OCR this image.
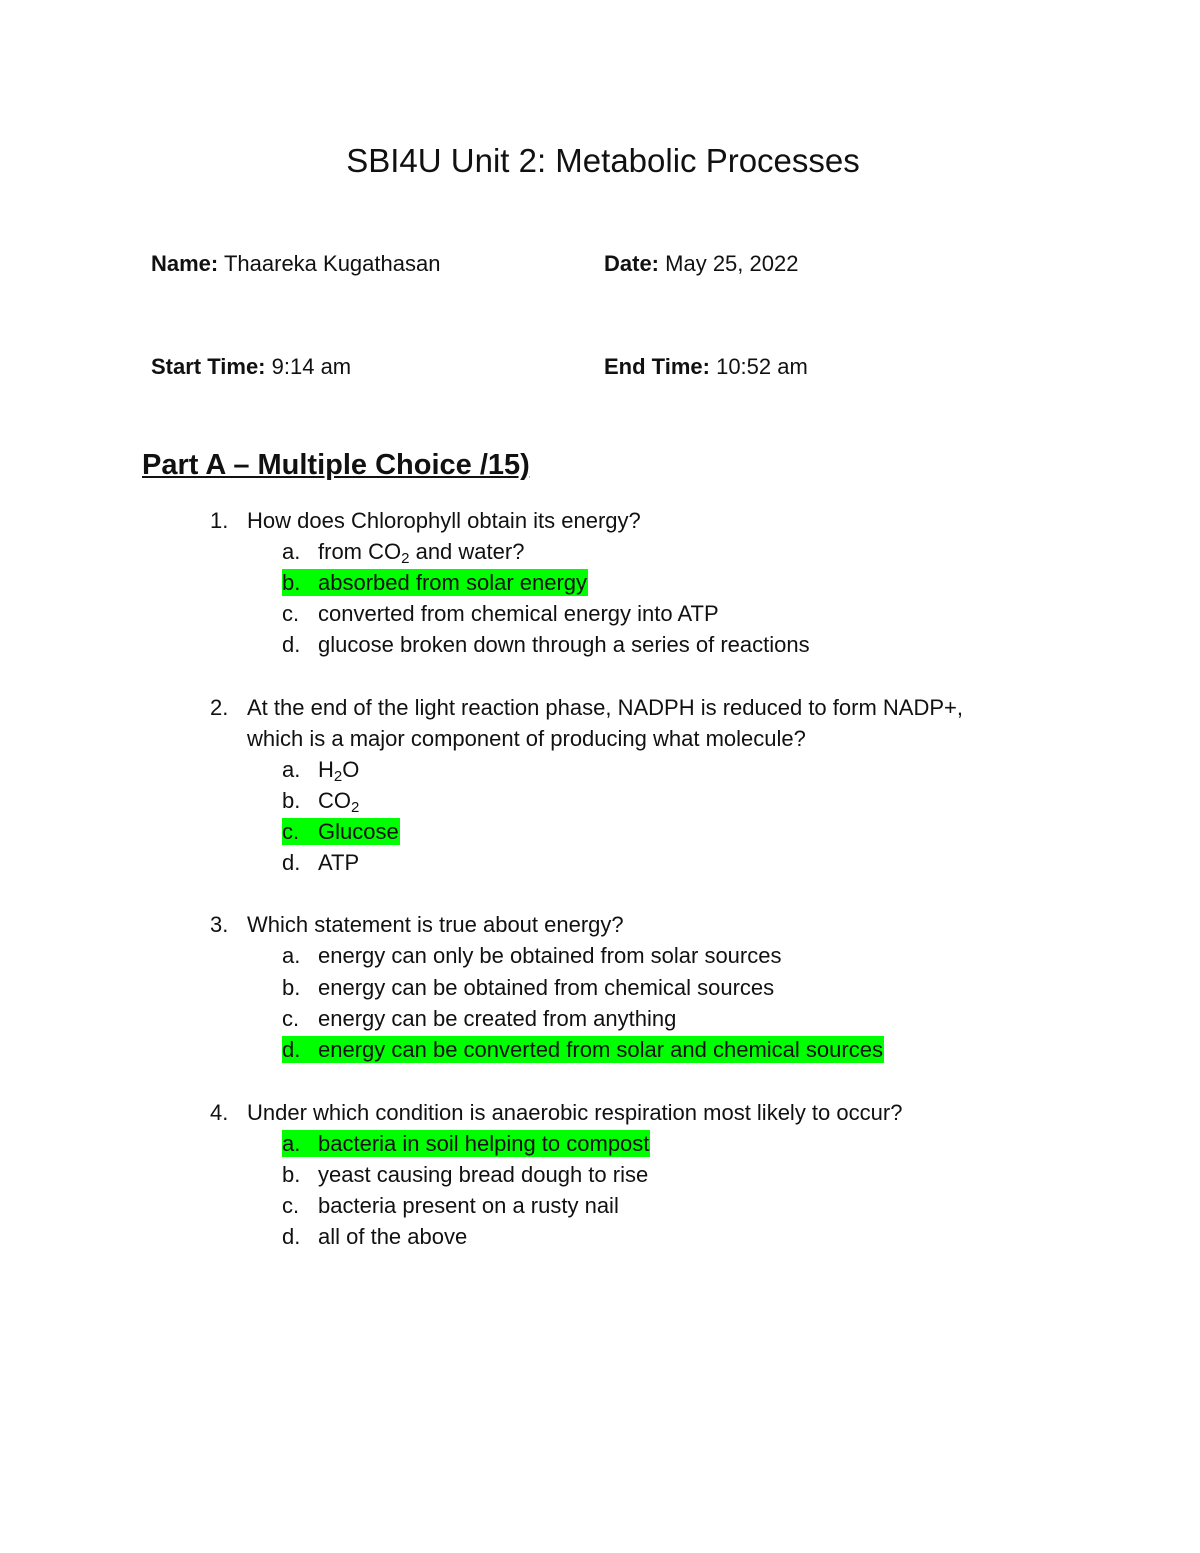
SBI4U Unit 2: Metabolic Processes
Name: Thaareka Kugathasan	Date: May 25, 2022
Start Time: 9:14 am	End Time: 10:52 am
Part A – Multiple Choice /15)
1. How does Chlorophyll obtain its energy?
a. from $CO_2$ and water?
b. absorbed from solar energy
c. converted from chemical energy into ATP
d. glucose broken down through a series of reactions
2. At the end of the light reaction phase, NADPH is reduced to form NADP+,
which is a major component of producing what molecule?
a. $H_2O$
b. $CO_2$
c. Glucose
d. ATP
3. Which statement is true about energy?
a. energy can only be obtained from solar sources
b. energy can be obtained from chemical sources
c. energy can be created from anything
d. energy can be converted from solar and chemical sources
4. Under which condition is anaerobic respiration most likely to occur?
a. bacteria in soil helping to compost
b. yeast causing bread dough to rise
c. bacteria present on a rusty nail
d. all of the above
